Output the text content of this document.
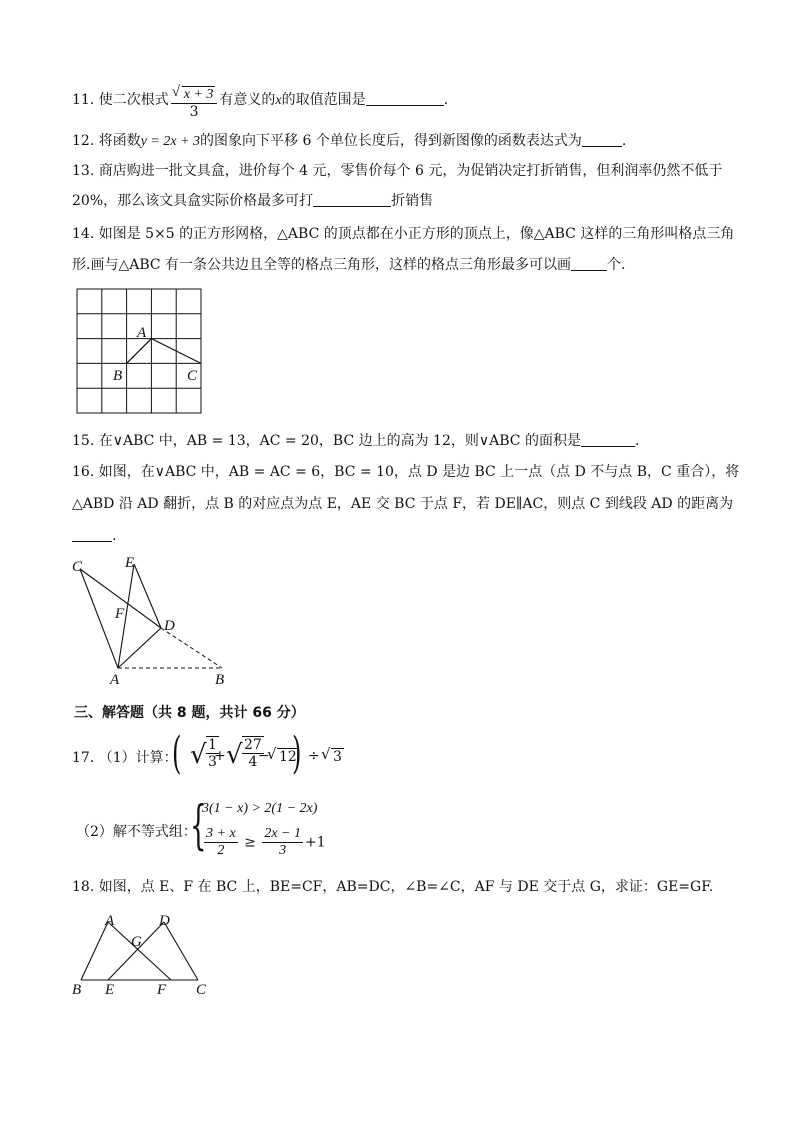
11. 使二次根式 √ $\frac{x + 3}{3}$ 有意义的x的取值范围是	.
12. 将函数y = 2x + 3的图象向下平移 6 个单位长度后，得到新图像的函数表达式为	.
13. 商店购进一批文具盒，进价每个 4 元，零售价每个 6 元，为促销决定打折销售，但利润率仍然不低于
20%，那么该文具盒实际价格最多可打	折销售
14. 如图是 5×5 的正方形网格，△ABC 的顶点都在小正方形的顶点上，像△ABC 这样的三角形叫格点三角
形.画与△ABC 有一条公共边且全等的格点三角形，这样的格点三角形最多可以画	个.
A
B	C
15. 在∨ABC 中，AB = 13，AC = 20，BC 边上的高为 12，则∨ABC 的面积是	.
16. 如图，在∨ABC 中，AB = AC = 6，BC = 10，点 D 是边 BC 上一点（点 D 不与点 B，C 重合），将
△ABD 沿 AD 翻折，点 B 的对应点为点 E，AE 交 BC 于点 F，若 DE∥AC，则点 C 到线段 AD 的距离为
.
C	E
F
D
A	B
三、解答题（共 8 题，共计 66 分）
17. （1）计算：
( √ $\frac{1}{3}$
+ √ $\frac{27}{4}$
− √ 12
) ÷ √ 3
（2）解不等式组：
{
3(1 − x) > 2(1 − 2x)
$\frac{3 + x}{2} \ge \frac{2x - 1}{3} +1$
18. 如图，点 E、F 在 BC 上，BE=CF，AB=DC，∠B=∠C，AF 与 DE 交于点 G，求证：GE=GF.
A	D
G
B E	F C
